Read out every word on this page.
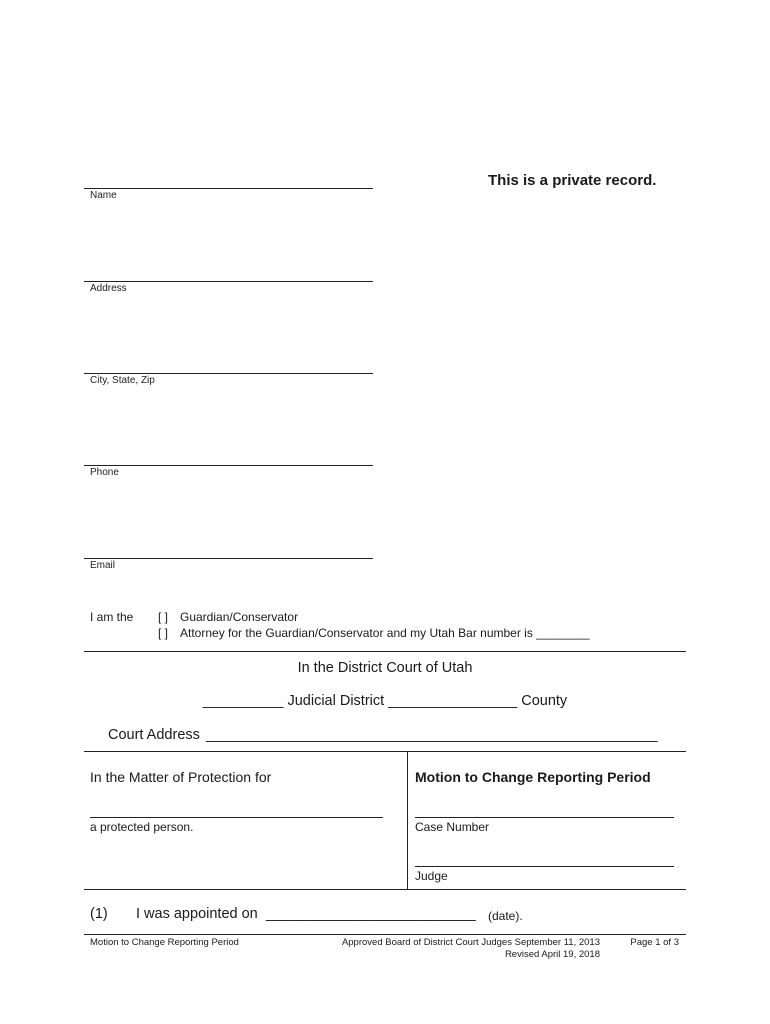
This is a private record.
Name
Address
City, State, Zip
Phone
Email
I am the [ ] Guardian/Conservator
[ ] Attorney for the Guardian/Conservator and my Utah Bar number is ________
In the District Court of Utah
__________ Judicial District ________________ County
Court Address ________________________________________________________
In the Matter of Protection for
a protected person.
Motion to Change Reporting Period
Case Number
Judge
(1) I was appointed on __________________________ (date).
Motion to Change Reporting Period	Approved Board of District Court Judges September 11, 2013
Revised April 19, 2018
Page 1 of 3
